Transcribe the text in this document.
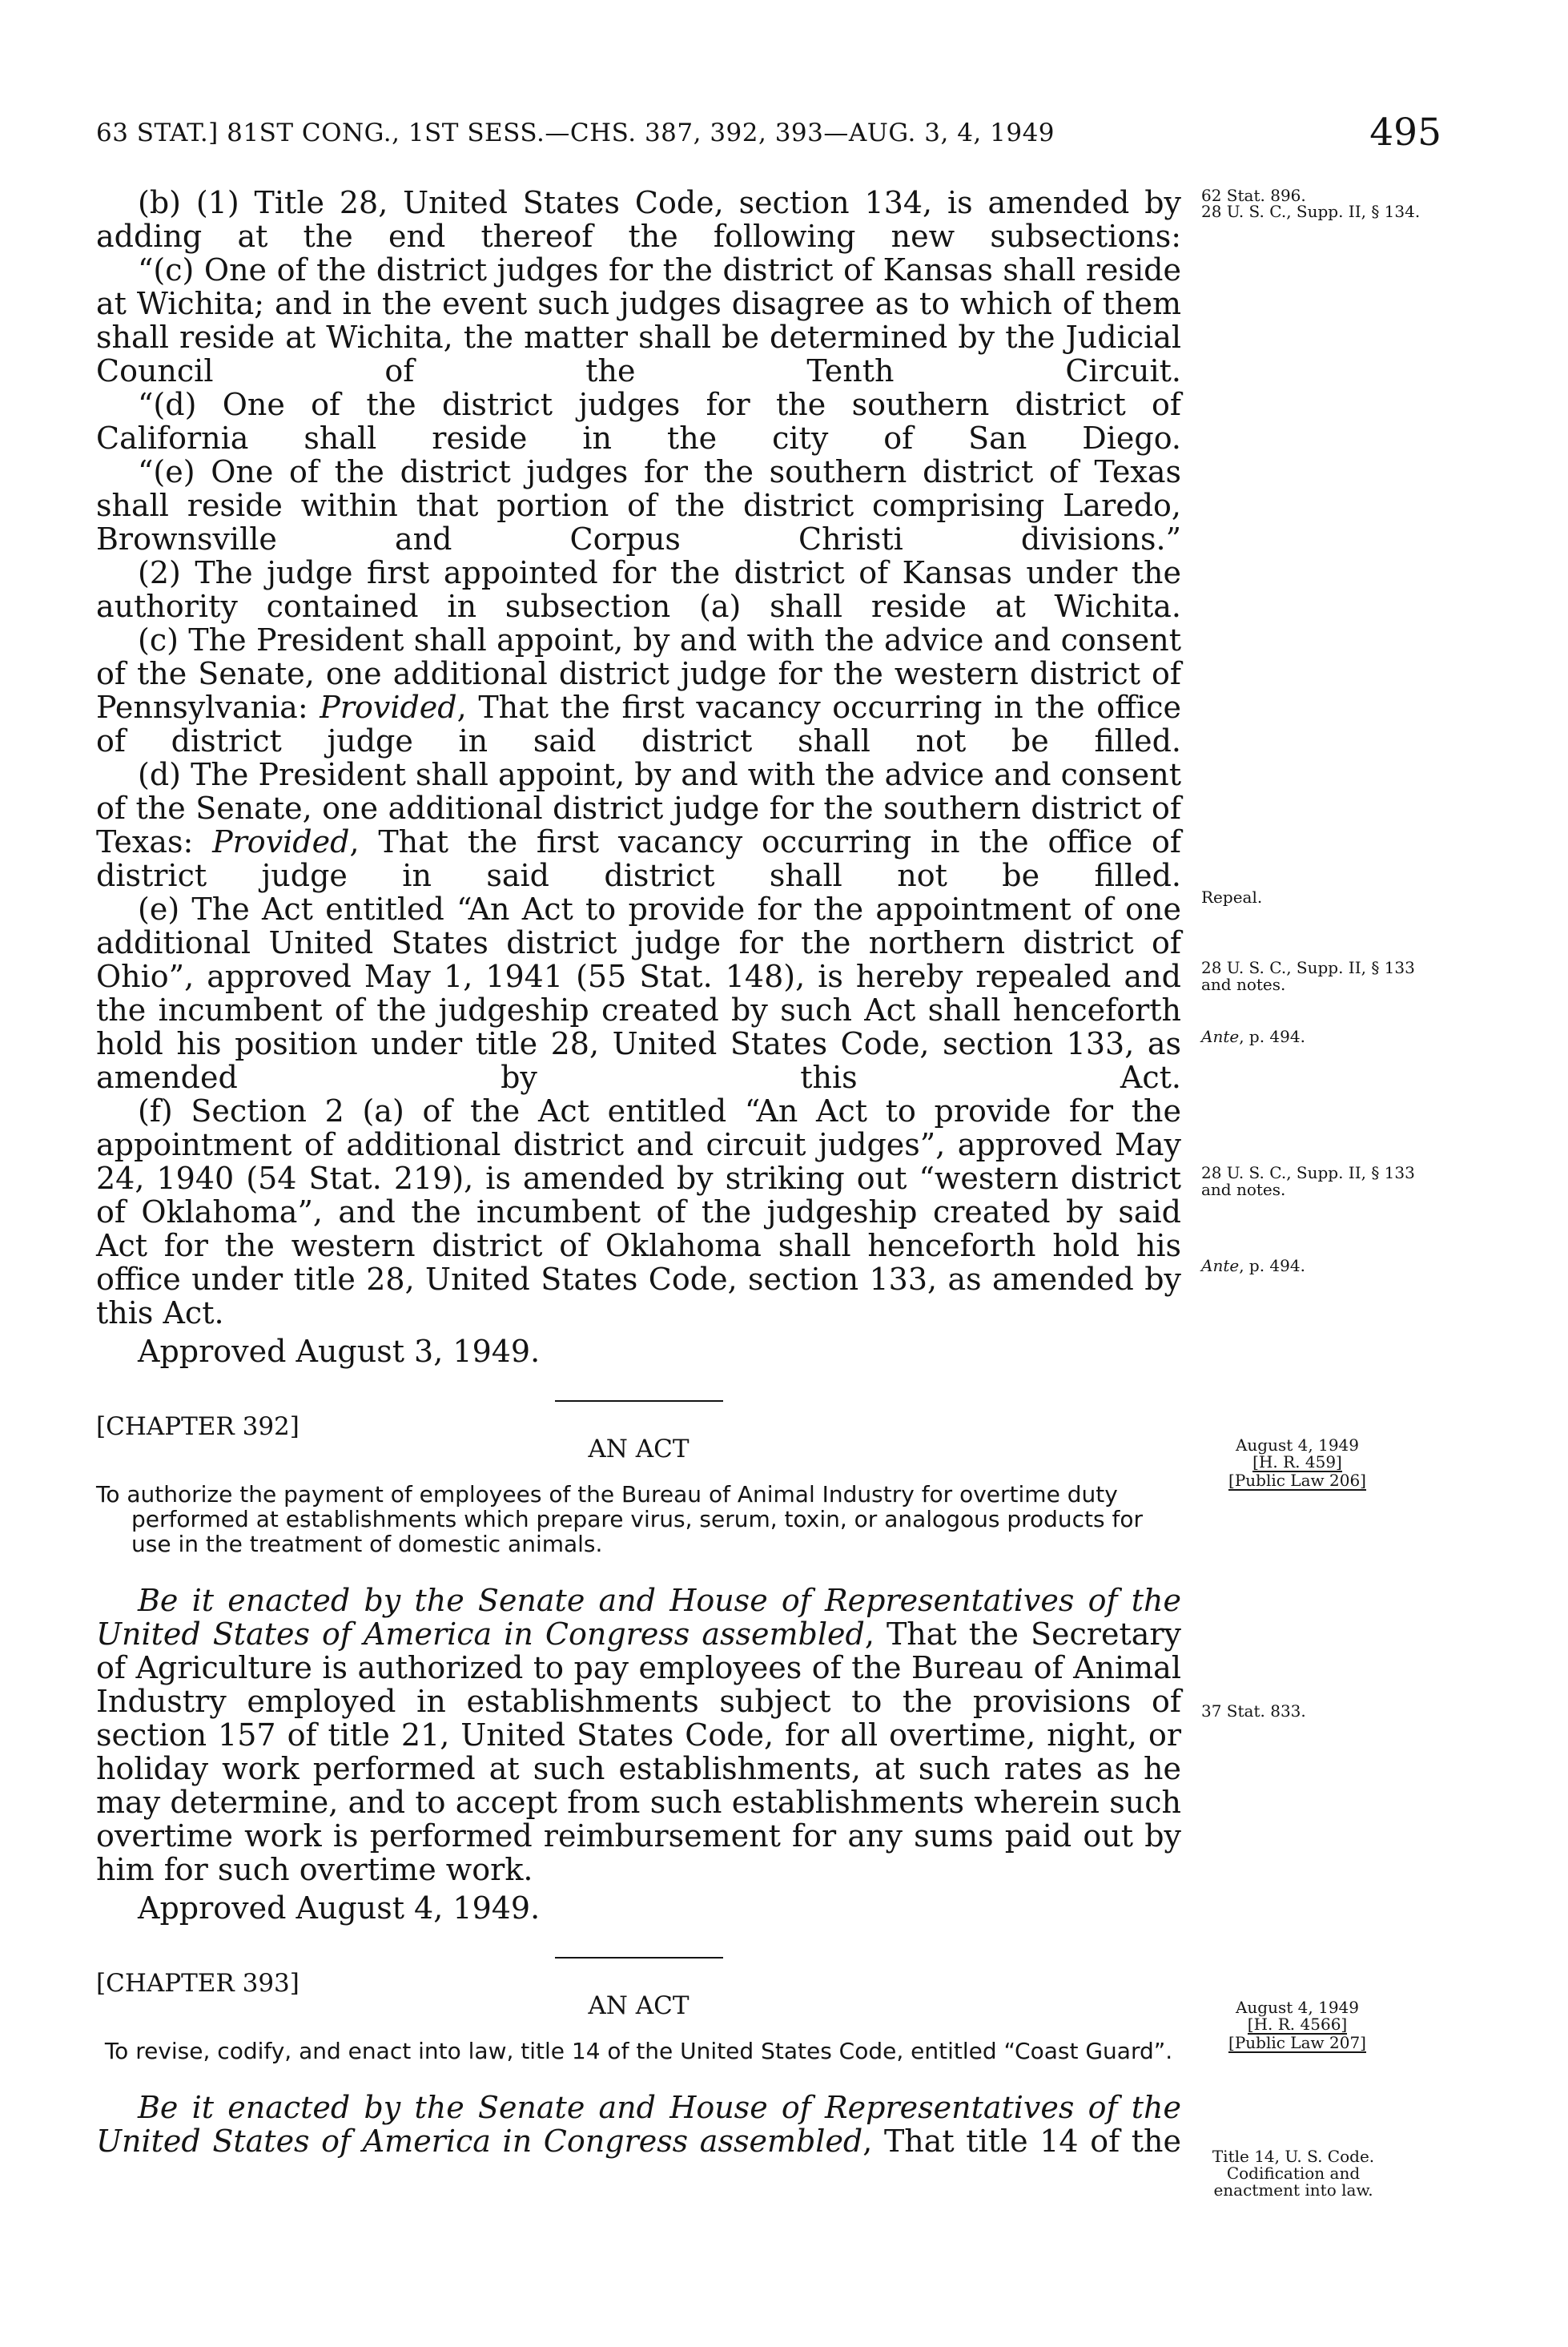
63 STAT.] 81ST CONG., 1ST SESS.—CHS. 387, 392, 393—AUG. 3, 4, 1949	495
(b) (1) Title 28, United States Code, section 134, is amended by adding at the end thereof the following new subsections:
“(c) One of the district judges for the district of Kansas shall reside at Wichita; and in the event such judges disagree as to which of them shall reside at Wichita, the matter shall be determined by the Judicial Council of the Tenth Circuit.
“(d) One of the district judges for the southern district of California shall reside in the city of San Diego.
“(e) One of the district judges for the southern district of Texas shall reside within that portion of the district comprising Laredo, Brownsville and Corpus Christi divisions.”
(2) The judge first appointed for the district of Kansas under the authority contained in subsection (a) shall reside at Wichita.
(c) The President shall appoint, by and with the advice and consent of the Senate, one additional district judge for the western district of Pennsylvania: Provided, That the first vacancy occurring in the office of district judge in said district shall not be filled.
(d) The President shall appoint, by and with the advice and consent of the Senate, one additional district judge for the southern district of Texas: Provided, That the first vacancy occurring in the office of district judge in said district shall not be filled.
(e) The Act entitled “An Act to provide for the appointment of one additional United States district judge for the northern district of Ohio”, approved May 1, 1941 (55 Stat. 148), is hereby repealed and the incumbent of the judgeship created by such Act shall henceforth hold his position under title 28, United States Code, section 133, as amended by this Act.
(f) Section 2 (a) of the Act entitled “An Act to provide for the appointment of additional district and circuit judges”, approved May 24, 1940 (54 Stat. 219), is amended by striking out “western district of Oklahoma”, and the incumbent of the judgeship created by said Act for the western district of Oklahoma shall henceforth hold his office under title 28, United States Code, section 133, as amended by this Act.
Approved August 3, 1949.
[CHAPTER 392]
AN ACT
To authorize the payment of employees of the Bureau of Animal Industry for overtime duty performed at establishments which prepare virus, serum, toxin, or analogous products for use in the treatment of domestic animals.
Be it enacted by the Senate and House of Representatives of the United States of America in Congress assembled, That the Secretary of Agriculture is authorized to pay employees of the Bureau of Animal Industry employed in establishments subject to the provisions of section 157 of title 21, United States Code, for all overtime, night, or holiday work performed at such establishments, at such rates as he may determine, and to accept from such establishments wherein such overtime work is performed reimbursement for any sums paid out by him for such overtime work.
Approved August 4, 1949.
[CHAPTER 393]
AN ACT
To revise, codify, and enact into law, title 14 of the United States Code, entitled “Coast Guard”.
Be it enacted by the Senate and House of Representatives of the United States of America in Congress assembled, That title 14 of the
62 Stat. 896.
28 U. S. C., Supp. II, § 134.
Repeal.
28 U. S. C., Supp. II, § 133 and notes.
Ante, p. 494.
28 U. S. C., Supp. II, § 133 and notes.
Ante, p. 494.
August 4, 1949
[H. R. 459] [Public Law 206]
37 Stat. 833.
August 4, 1949
[H. R. 4566] [Public Law 207]
Title 14, U. S. Code. Codification and enactment into law.
